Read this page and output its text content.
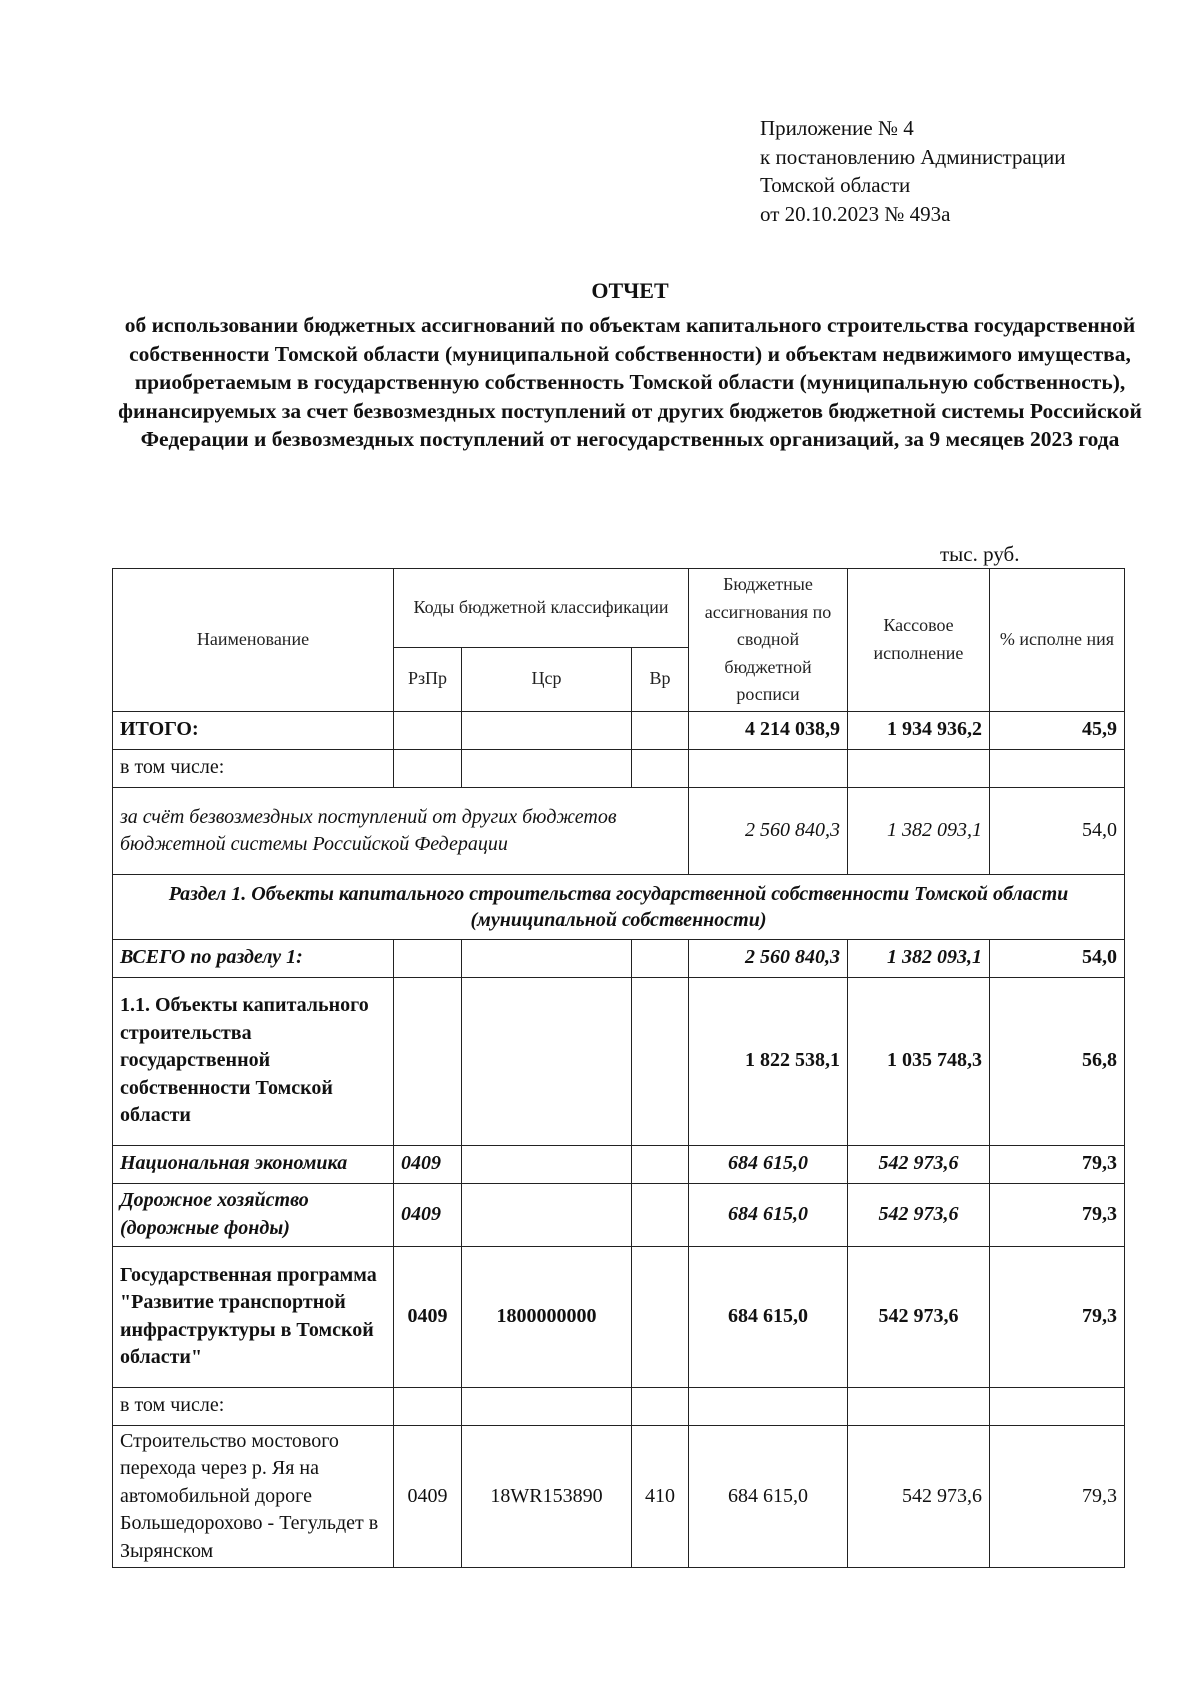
Приложение № 4
к постановлению Администрации
Томской области
от 20.10.2023 № 493а
ОТЧЕТ
об использовании бюджетных ассигнований по объектам капитального строительства государственной собственности Томской области (муниципальной собственности) и объектам недвижимого имущества, приобретаемым в государственную собственность Томской области (муниципальную собственность), финансируемых за счет безвозмездных поступлений от других бюджетов бюджетной системы Российской Федерации и безвозмездных поступлений от негосударственных организаций, за 9 месяцев 2023 года
тыс. руб.
Наименование	Коды бюджетной классификации			Бюджетные ассигнования по сводной бюджетной росписи	Кассовое исполнение	% исполне ния
	РзПр	Цср	Вр			
ИТОГО:				4 214 038,9	1 934 936,2	45,9
в том числе:						
за счёт безвозмездных поступлений от других бюджетов бюджетной системы Российской Федерации				2 560 840,3	1 382 093,1	54,0
Раздел 1. Объекты капитального строительства государственной собственности Томской области (муниципальной собственности)						
ВСЕГО по разделу 1:				2 560 840,3	1 382 093,1	54,0
1.1. Объекты капитального строительства государственной собственности Томской области				1 822 538,1	1 035 748,3	56,8
Национальная экономика	0409			684 615,0	542 973,6	79,3
Дорожное хозяйство (дорожные фонды)	0409			684 615,0	542 973,6	79,3
Государственная программа "Развитие транспортной инфраструктуры в Томской области"	0409	1800000000		684 615,0	542 973,6	79,3
в том числе:						
Строительство мостового перехода через р. Яя на автомобильной дороге Большедорохово - Тегульдет в Зырянском	0409	18WR153890	410	684 615,0	542 973,6	79,3
